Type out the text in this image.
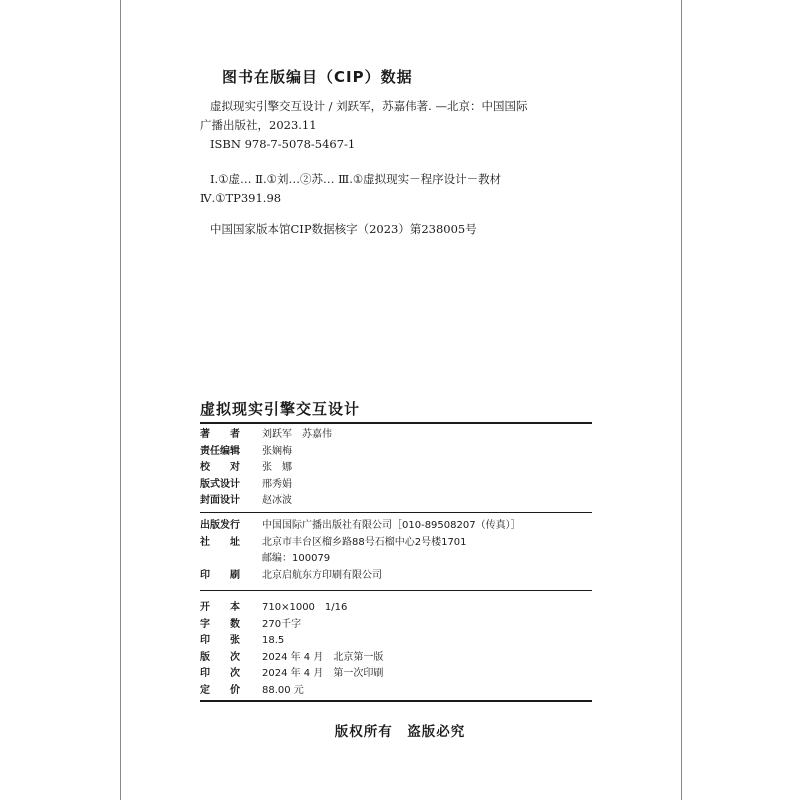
图书在版编目（CIP）数据
虚拟现实引擎交互设计 / 刘跃军，苏嘉伟著. —北京：中国国际
广播出版社，2023.11
ISBN 978-7-5078-5467-1
Ⅰ.①虚… Ⅱ.①刘…②苏… Ⅲ.①虚拟现实－程序设计－教材
Ⅳ.①TP391.98
中国国家版本馆CIP数据核字（2023）第238005号
虚拟现实引擎交互设计
著　　者	刘跃军　苏嘉伟
责任编辑	张娴梅
校　　对	张　娜
版式设计	邢秀娟
封面设计	赵冰波
出版发行	中国国际广播出版社有限公司［010-89508207（传真）］
社　　址	北京市丰台区榴乡路88号石榴中心2号楼1701
邮编：100079
印　　刷	北京启航东方印刷有限公司
开　　本	710×1000　1/16
字　　数	270千字
印　　张	18.5
版　　次	2024 年 4 月　北京第一版
印　　次	2024 年 4 月　第一次印刷
定　　价	88.00 元
版权所有　盗版必究
